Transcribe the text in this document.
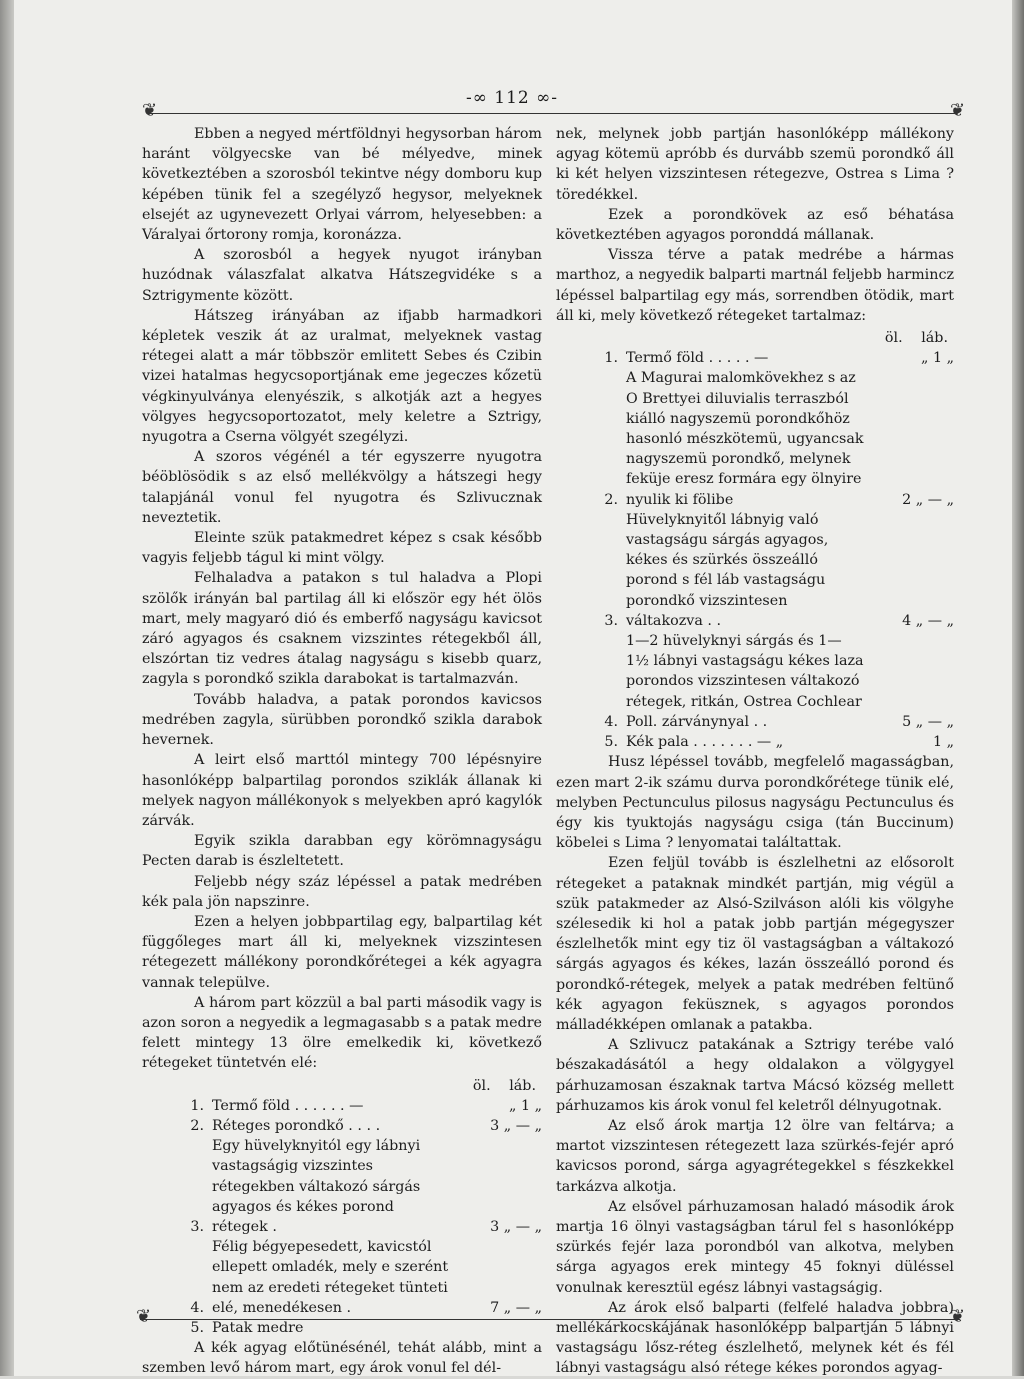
-∞ 112 ∞-
❦	❦

Ebben a negyed mértföldnyi hegysorban három haránt völgyecske van bé mélyedve, minek következtében a szorosból tekintve négy domboru kup képében tünik fel a szegélyző hegysor, melyeknek elsejét az ugynevezett Orlyai várrom, helyesebben: a Váralyai őrtorony romja, koronázza.

A szorosból a hegyek nyugot irányban huzódnak válaszfalat alkatva Hátszegvidéke s a Sztrigymente között.

Hátszeg irányában az ifjabb harmadkori képletek veszik át az uralmat, melyeknek vastag rétegei alatt a már többször emlitett Sebes és Czibin vizei hatalmas hegycsoportjának eme jegeczes kőzetü végkinyulványa elenyészik, s alkotják azt a hegyes völgyes hegycsoportozatot, mely keletre a Sztrigy, nyugotra a Cserna völgyét szegélyzi.

A szoros végénél a tér egyszerre nyugotra béöblösödik s az első mellékvölgy a hátszegi hegy talapjánál vonul fel nyugotra és Szlivucznak neveztetik.

Eleinte szük patakmedret képez s csak később vagyis feljebb tágul ki mint völgy.

Felhaladva a patakon s tul haladva a Plopi szölők irányán bal partilag áll ki először egy hét ölös mart, mely magyaró dió és emberfő nagyságu kavicsot záró agyagos és csaknem vizszintes rétegekből áll, elszórtan tiz vedres átalag nagyságu s kisebb quarz, zagyla s porondkő szikla darabokat is tartalmazván.

Tovább haladva, a patak porondos kavicsos medrében zagyla, sürübben porondkő szikla darabok hevernek.

A leirt első marttól mintegy 700 lépésnyire hasonlóképp balpartilag porondos sziklák állanak ki melyek nagyon mállékonyok s melyekben apró kagylók zárvák.

Egyik szikla darabban egy körömnagyságu Pecten darab is észleltetett.

Feljebb négy száz lépéssel a patak medrében kék pala jön napszinre.

Ezen a helyen jobbpartilag egy, balpartilag két függőleges mart áll ki, melyeknek vizszintesen rétegezett mállékony porondkőrétegei a kék agyagra vannak települve.

A három part közzül a bal parti második vagy is azon soron a negyedik a legmagasabb s a patak medre felett mintegy 13 ölre emelkedik ki, következő rétegeket tüntetvén elé:

öl. láb.
1. Termő föld . . . . . . —	„ 1 „
2. Réteges porondkő . . . .	3 „ — „
3.
Egy hüvelyknyitól egy lábnyi vastagságig vizszintes rétegekben váltakozó sárgás agyagos és kékes porond rétegek .	3 „ — „
4.
Félig bégyepesedett, kavicstól ellepett omladék, mely e szerént nem az eredeti rétegeket tünteti elé, menedékesen .	7 „ — „
5. Patak medre

A kék agyag előtünésénél, tehát alább, mint a szemben levő három mart, egy árok vonul fel dél-

nek, melynek jobb partján hasonlóképp mállékony agyag kötemü apróbb és durvább szemü porondkő áll ki két helyen vizszintesen rétegezve, Ostrea s Lima ? töredékkel.

Ezek a porondkövek az eső béhatása következtében agyagos poronddá mállanak.

Vissza térve a patak medrébe a hármas marthoz, a negyedik balparti martnál feljebb harmincz lépéssel balpartilag egy más, sorrendben ötödik, mart áll ki, mely következő rétegeket tartalmaz:

öl. láb.
1. Termő föld . . . . . —	„ 1 „
2.
A Magurai malomkövekhez s az O Brettyei diluvialis terraszból kiálló nagyszemü porondkőhöz hasonló mészkötemü, ugyancsak nagyszemü porondkő, melynek feküje eresz formára egy ölnyire nyulik ki fölibe	2 „ — „
3.
Hüvelyknyitől lábnyig való vastagságu sárgás agyagos, kékes és szürkés összeálló porond s fél láb vastagságu porondkő vizszintesen váltakozva . .	4 „ — „
4.
1—2 hüvelyknyi sárgás és 1—1½ lábnyi vastagságu kékes laza porondos vizszintesen váltakozó rétegek, ritkán, Ostrea Cochlear Poll. zárványnyal . .	5 „ — „
5. Kék pala . . . . . . . — „	1 „

Husz lépéssel tovább, megfelelő magasságban, ezen mart 2-ik számu durva porondkőrétege tünik elé, melyben Pectunculus pilosus nagyságu Pectunculus és égy kis tyuktojás nagyságu csiga (tán Buccinum) köbelei s Lima ? lenyomatai találtattak.

Ezen feljül tovább is észlelhetni az elősorolt rétegeket a pataknak mindkét partján, mig végül a szük patakmeder az Alsó-Szilváson alóli kis völgyhe szélesedik ki hol a patak jobb partján mégegyszer észlelhetők mint egy tiz öl vastagságban a váltakozó sárgás agyagos és kékes, lazán összeálló porond és porondkő-rétegek, melyek a patak medrében feltünő kék agyagon feküsznek, s agyagos porondos málladékképen omlanak a patakba.

A Szlivucz patakának a Sztrigy terébe való bészakadásától a hegy oldalakon a völgygyel párhuzamosan északnak tartva Mácsó község mellett párhuzamos kis árok vonul fel keletről délnyugotnak.

Az első árok martja 12 ölre van feltárva; a martot vizszintesen rétegezett laza szürkés-fejér apró kavicsos porond, sárga agyagrétegekkel s fészkekkel tarkázva alkotja.

Az elsővel párhuzamosan haladó második árok martja 16 ölnyi vastagságban tárul fel s hasonlóképp szürkés fejér laza porondból van alkotva, melyben sárga agyagos erek mintegy 45 foknyi düléssel vonulnak keresztül egész lábnyi vastagságig.

Az árok első balparti (felfelé haladva jobbra) mellékárkocskájának hasonlóképp balpartján 5 lábnyi vastagságu lősz-réteg észlelhető, melynek két és fél lábnyi vastagságu alsó rétege kékes porondos agyag-

❦	❦
